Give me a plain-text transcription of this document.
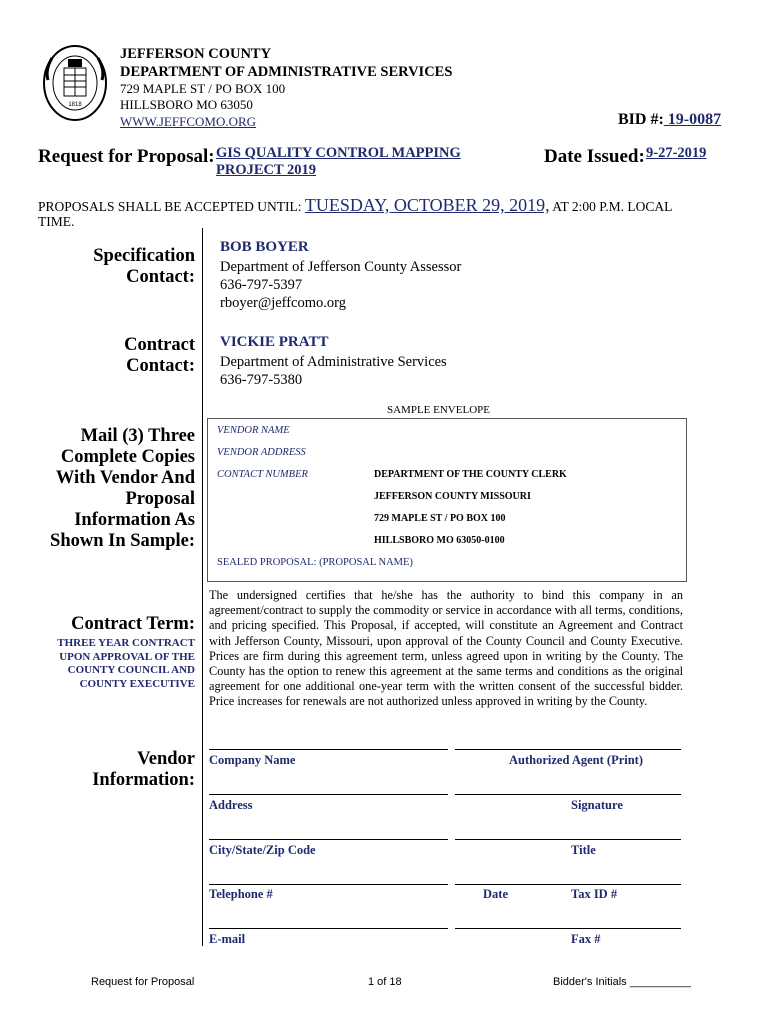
1818
JEFFERSON COUNTY
DEPARTMENT OF ADMINISTRATIVE SERVICES
729 MAPLE ST / PO BOX 100
HILLSBORO MO 63050
WWW.JEFFCOMO.ORG	BID #: 19-0087
Request for Proposal: GIS QUALITY CONTROL MAPPING
PROJECT 2019
Date Issued: 9-27-2019
PROPOSALS SHALL BE ACCEPTED UNTIL: TUESDAY, OCTOBER 29, 2019, AT 2:00 P.M. LOCAL
TIME.
Specification
Contact:
BOB BOYER
Department of Jefferson County Assessor
636-797-5397
rboyer@jeffcomo.org
Contract
Contact:
VICKIE PRATT
Department of Administrative Services
636-797-5380
Mail (3) Three
Complete Copies
With Vendor And
Proposal
Information As
Shown In Sample:
SAMPLE ENVELOPE
VENDOR NAME
VENDOR ADDRESS
CONTACT NUMBER	DEPARTMENT OF THE COUNTY CLERK
JEFFERSON COUNTY MISSOURI
729 MAPLE ST / PO BOX 100
HILLSBORO MO 63050-0100
SEALED PROPOSAL: (PROPOSAL NAME)
Contract Term:
THREE YEAR CONTRACT
UPON APPROVAL OF THE
COUNTY COUNCIL AND
COUNTY EXECUTIVE
The undersigned certifies that he/she has the authority to bind this company in an agreement/contract to supply the commodity or service in accordance with all terms, conditions, and pricing specified. This Proposal, if accepted, will constitute an Agreement and Contract with Jefferson County, Missouri, upon approval of the County Council and County Executive. Prices are firm during this agreement term, unless agreed upon in writing by the County. The County has the option to renew this agreement at the same terms and conditions as the original agreement for one additional one-year term with the written consent of the successful bidder. Price increases for renewals are not authorized unless approved in writing by the County.
Vendor
Information:
Company Name	Authorized Agent (Print)
Address	Signature
City/State/Zip Code	Title
Telephone #	Date	Tax ID #
E-mail	Fax #
Request for Proposal	1 of 18	Bidder's Initials __________
